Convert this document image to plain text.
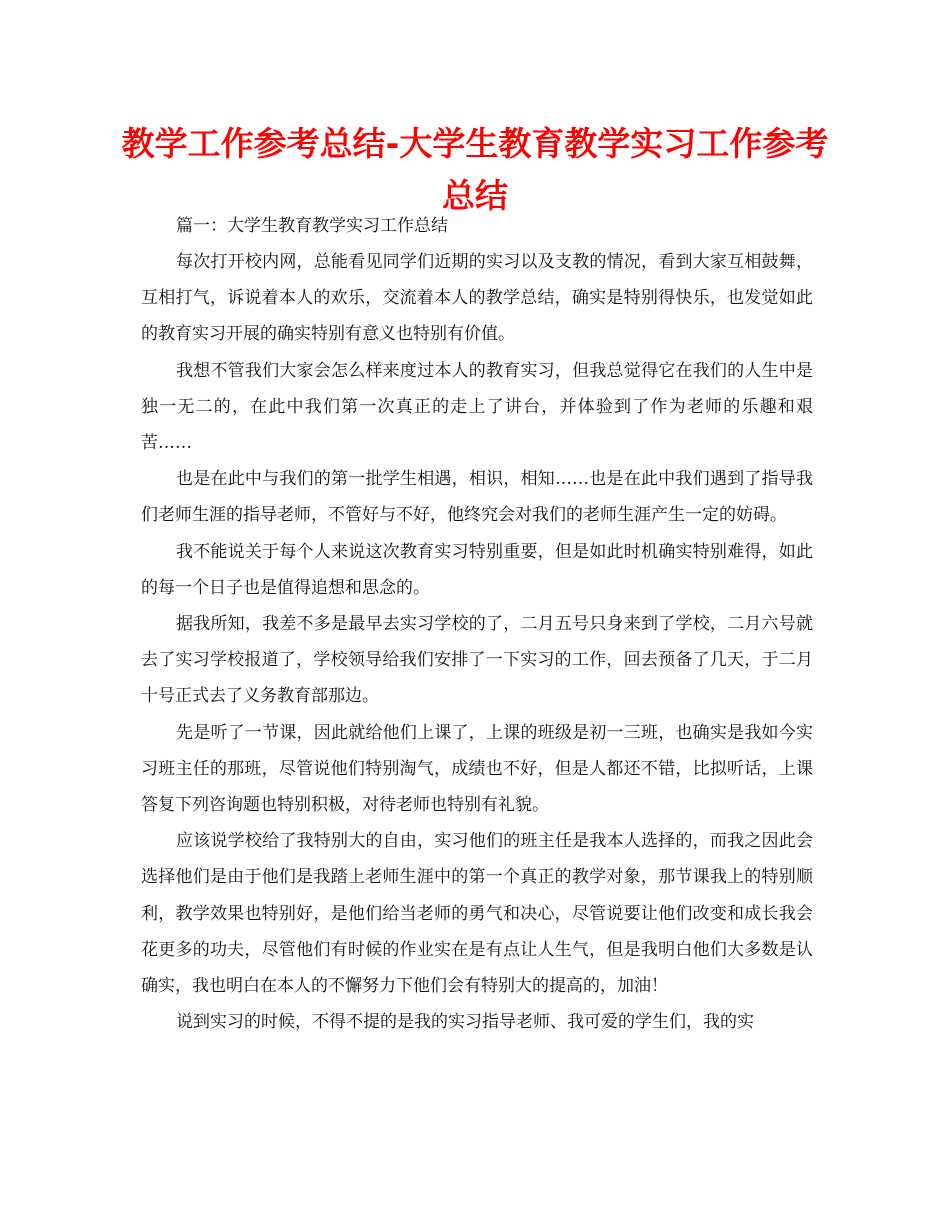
教学工作参考总结-大学生教育教学实习工作参考总结

篇一：大学生教育教学实习工作总结

每次打开校内网，总能看见同学们近期的实习以及支教的情况，看到大家互相鼓舞，互相打气，诉说着本人的欢乐，交流着本人的教学总结，确实是特别得快乐，也发觉如此的教育实习开展的确实特别有意义也特别有价值。

我想不管我们大家会怎么样来度过本人的教育实习，但我总觉得它在我们的人生中是独一无二的，在此中我们第一次真正的走上了讲台，并体验到了作为老师的乐趣和艰苦……

也是在此中与我们的第一批学生相遇，相识，相知……也是在此中我们遇到了指导我们老师生涯的指导老师，不管好与不好，他终究会对我们的老师生涯产生一定的妨碍。

我不能说关于每个人来说这次教育实习特别重要，但是如此时机确实特别难得，如此的每一个日子也是值得追想和思念的。

据我所知，我差不多是最早去实习学校的了，二月五号只身来到了学校，二月六号就去了实习学校报道了，学校领导给我们安排了一下实习的工作，回去预备了几天，于二月十号正式去了义务教育部那边。

先是听了一节课，因此就给他们上课了，上课的班级是初一三班，也确实是我如今实习班主任的那班，尽管说他们特别淘气，成绩也不好，但是人都还不错，比拟听话，上课答复下列咨询题也特别积极，对待老师也特别有礼貌。

应该说学校给了我特别大的自由，实习他们的班主任是我本人选择的，而我之因此会选择他们是由于他们是我踏上老师生涯中的第一个真正的教学对象，那节课我上的特别顺利，教学效果也特别好，是他们给当老师的勇气和决心，尽管说要让他们改变和成长我会花更多的功夫，尽管他们有时候的作业实在是有点让人生气，但是我明白他们大多数是认确实，我也明白在本人的不懈努力下他们会有特别大的提高的，加油！

说到实习的时候，不得不提的是我的实习指导老师、我可爱的学生们，我的实
